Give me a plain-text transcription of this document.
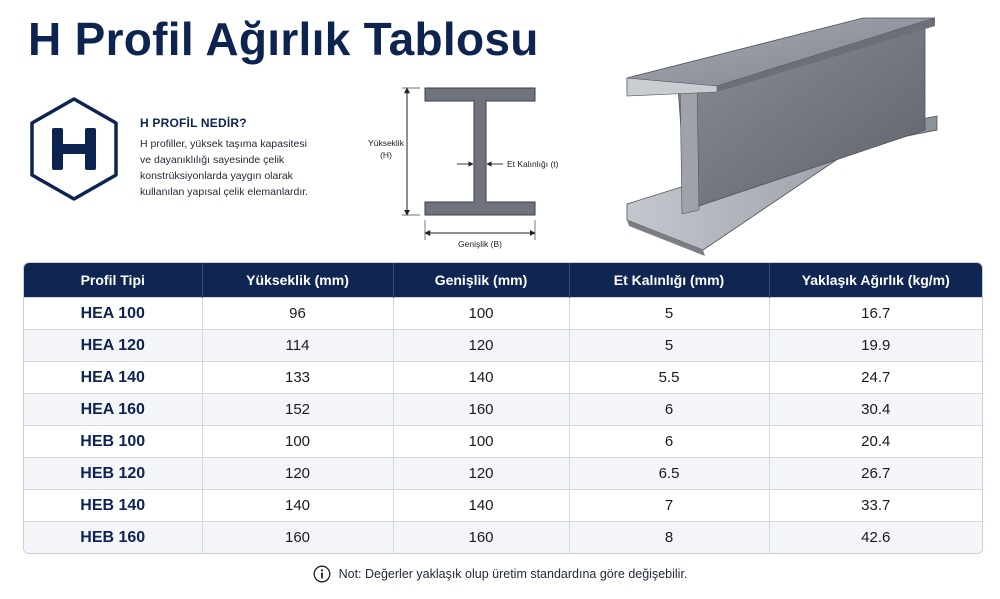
H Profil Ağırlık Tablosu
H PROFİL NEDİR?
H profiller, yüksek taşıma kapasitesi
ve dayanıklılığı sayesinde çelik
konstrüksiyonlarda yaygın olarak
kullanılan yapısal çelik elemanlardır.
Yükseklik
(H)
Et Kalınlığı (t)
Genişlik (B)
Profil Tipi	Yükseklik (mm)	Genişlik (mm)	Et Kalınlığı (mm)	Yaklaşık Ağırlık (kg/m)
HEA 100	96	100	5	16.7
HEA 120	114	120	5	19.9
HEA 140	133	140	5.5	24.7
HEA 160	152	160	6	30.4
HEB 100	100	100	6	20.4
HEB 120	120	120	6.5	26.7
HEB 140	140	140	7	33.7
HEB 160	160	160	8	42.6
Not: Değerler yaklaşık olup üretim standardına göre değişebilir.
